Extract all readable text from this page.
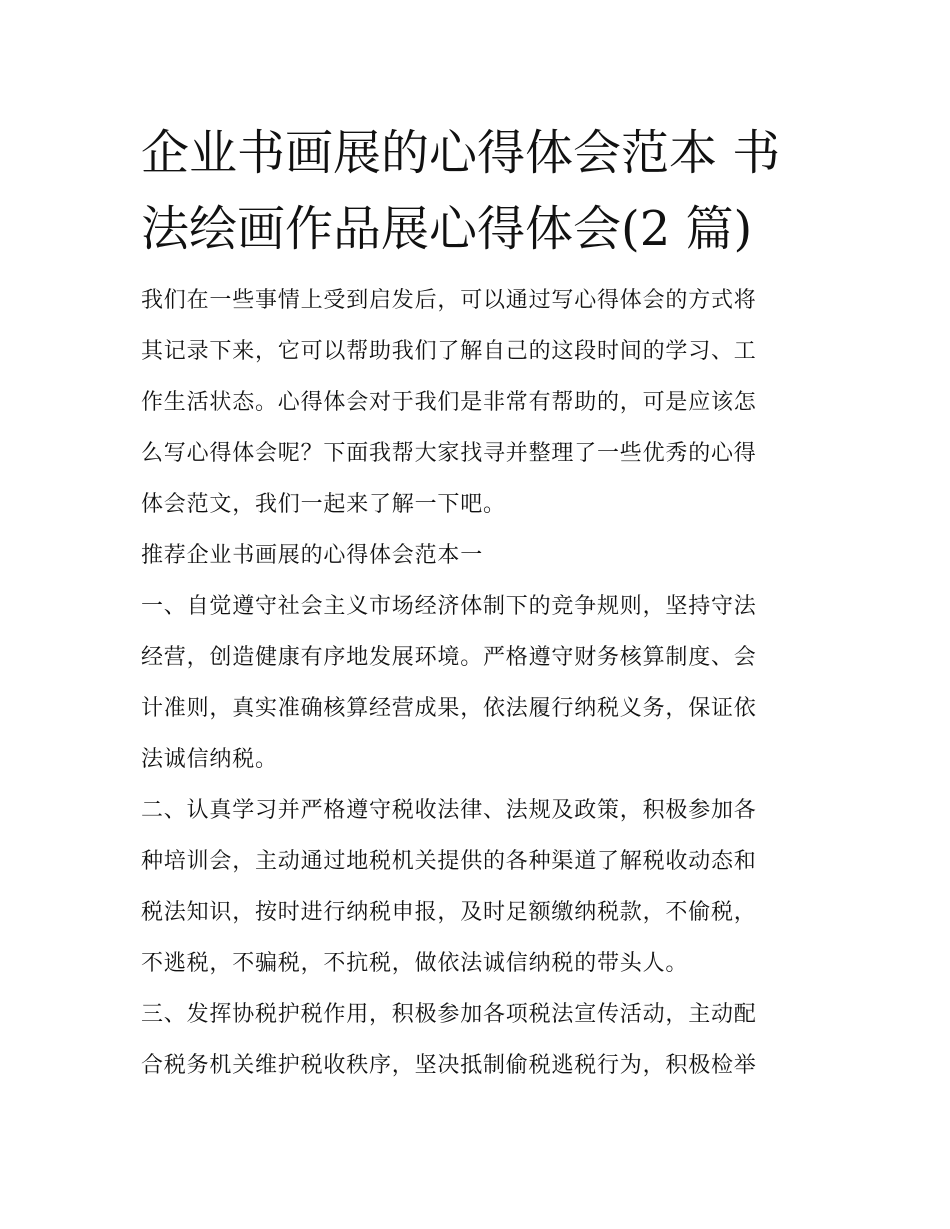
企业书画展的心得体会范本 书
法绘画作品展心得体会(2 篇)

我们在一些事情上受到启发后，可以通过写心得体会的方式将
其记录下来，它可以帮助我们了解自己的这段时间的学习、工
作生活状态。心得体会对于我们是非常有帮助的，可是应该怎
么写心得体会呢？下面我帮大家找寻并整理了一些优秀的心得
体会范文，我们一起来了解一下吧。

推荐企业书画展的心得体会范本一

一、自觉遵守社会主义市场经济体制下的竞争规则，坚持守法
经营，创造健康有序地发展环境。严格遵守财务核算制度、会
计准则，真实准确核算经营成果，依法履行纳税义务，保证依
法诚信纳税。

二、认真学习并严格遵守税收法律、法规及政策，积极参加各
种培训会，主动通过地税机关提供的各种渠道了解税收动态和
税法知识，按时进行纳税申报，及时足额缴纳税款，不偷税，
不逃税，不骗税，不抗税，做依法诚信纳税的带头人。

三、发挥协税护税作用，积极参加各项税法宣传活动，主动配
合税务机关维护税收秩序，坚决抵制偷税逃税行为，积极检举
